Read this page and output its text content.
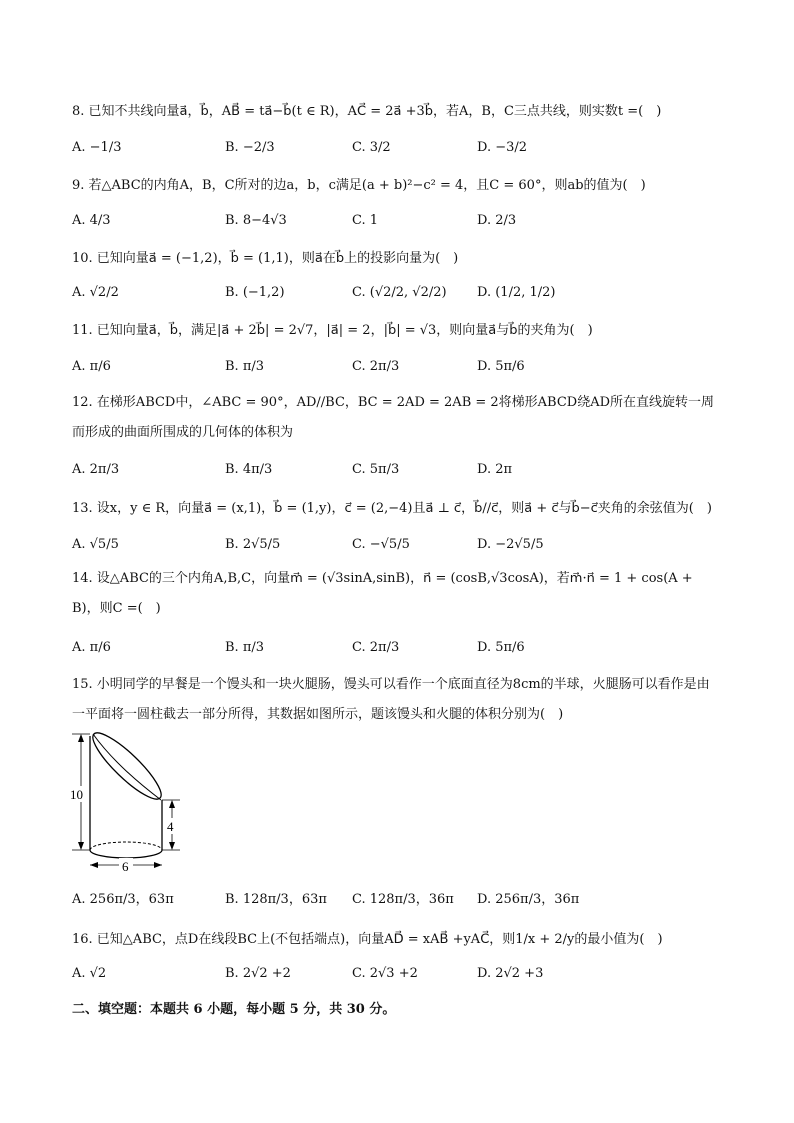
8. 已知不共线向量a⃗，b⃗，AB⃗ = ta⃗−b⃗(t ∈ R)，AC⃗ = 2a⃗ +3b⃗，若A，B，C三点共线，则实数t =(　)
A. −1/3	B. −2/3	C. 3/2	D. −3/2
9. 若△ABC的内角A，B，C所对的边a，b，c满足(a + b)²−c² = 4，且C = 60°，则ab的值为(　)
A. 4/3	B. 8−4√3	C. 1	D. 2/3
10. 已知向量a⃗ = (−1,2)，b⃗ = (1,1)，则a⃗在b⃗上的投影向量为(　)
A. √2/2	B. (−1,2)	C. (√2/2, √2/2) D. (1/2, 1/2)
11. 已知向量a⃗，b⃗，满足|a⃗ + 2b⃗| = 2√7，|a⃗| = 2，|b⃗| = √3，则向量a⃗与b⃗的夹角为(　)
A. π/6	B. π/3	C. 2π/3	D. 5π/6
12. 在梯形ABCD中，∠ABC = 90°，AD//BC，BC = 2AD = 2AB = 2将梯形ABCD绕AD所在直线旋转一周而形成的曲面所围成的几何体的体积为
A. 2π/3	B. 4π/3	C. 5π/3	D. 2π
13. 设x，y ∈ R，向量a⃗ = (x,1)，b⃗ = (1,y)，c⃗ = (2,−4)且a⃗ ⊥ c⃗，b⃗//c⃗，则a⃗ + c⃗与b⃗−c⃗夹角的余弦值为(　)
A. √5/5	B. 2√5/5	C. −√5/5	D. −2√5/5
14. 设△ABC的三个内角A,B,C，向量m⃗ = (√3sinA,sinB)，n⃗ = (cosB,√3cosA)，若m⃗·n⃗ = 1 + cos(A + B)，则C =(　)
A. π/6	B. π/3	C. 2π/3	D. 5π/6
15. 小明同学的早餐是一个馒头和一块火腿肠，馒头可以看作一个底面直径为8cm的半球，火腿肠可以看作是由一平面将一圆柱截去一部分所得，其数据如图所示，题该馒头和火腿的体积分别为(　)
10
4
6
A. 256π/3，63π	B. 128π/3，63π C. 128π/3，36π D. 256π/3，36π
16. 已知△ABC，点D在线段BC上(不包括端点)，向量AD⃗ = xAB⃗ +yAC⃗，则1/x + 2/y的最小值为(　)
A. √2	B. 2√2 +2	C. 2√3 +2	D. 2√2 +3
二、填空题：本题共 6 小题，每小题 5 分，共 30 分。
